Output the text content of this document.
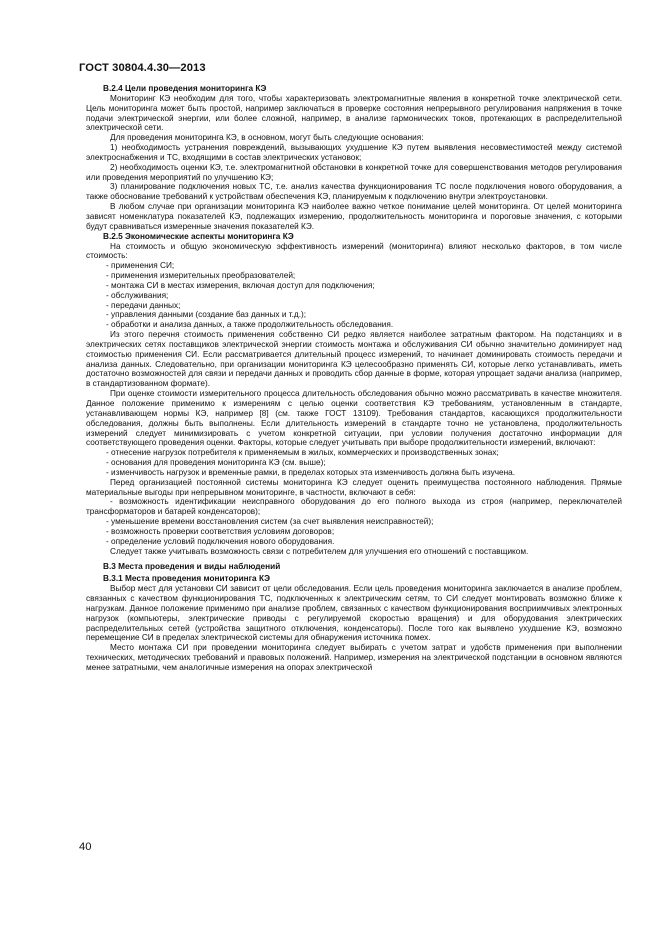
ГОСТ 30804.4.30—2013

В.2.4 Цели проведения мониторинга КЭ

Мониторинг КЭ необходим для того, чтобы характеризовать электромагнитные явления в конкретной точке электрической сети. Цель мониторинга может быть простой, например заключаться в проверке состояния непрерывного регулирования напряжения в точке подачи электрической энергии, или более сложной, например, в анализе гармонических токов, протекающих в распределительной электрической сети.

Для проведения мониторинга КЭ, в основном, могут быть следующие основания:

1) необходимость устранения повреждений, вызывающих ухудшение КЭ путем выявления несовместимостей между системой электроснабжения и ТС, входящими в состав электрических установок;

2) необходимость оценки КЭ, т.е. электромагнитной обстановки в конкретной точке для совершенствования методов регулирования или проведения мероприятий по улучшению КЭ;

3) планирование подключения новых ТС, т.е. анализ качества функционирования ТС после подключения нового оборудования, а также обоснование требований к устройствам обеспечения КЭ, планируемым к подключению внутри электроустановки.

В любом случае при организации мониторинга КЭ наиболее важно четкое понимание целей мониторинга. От целей мониторинга зависят номенклатура показателей КЭ, подлежащих измерению, продолжительность мониторинга и пороговые значения, с которыми будут сравниваться измеренные значения показателей КЭ.

В.2.5 Экономические аспекты мониторинга КЭ

На стоимость и общую экономическую эффективность измерений (мониторинга) влияют несколько факторов, в том числе стоимость:

- применения СИ;

- применения измерительных преобразователей;

- монтажа СИ в местах измерения, включая доступ для подключения;

- обслуживания;

- передачи данных;

- управления данными (создание баз данных и т.д.);

- обработки и анализа данных, а также продолжительность обследования.

Из этого перечня стоимость применения собственно СИ редко является наиболее затратным фактором. На подстанциях и в электрических сетях поставщиков электрической энергии стоимость монтажа и обслуживания СИ обычно значительно доминирует над стоимостью применения СИ. Если рассматривается длительный процесс измерений, то начинает доминировать стоимость передачи и анализа данных. Следовательно, при организации мониторинга КЭ целесообразно применять СИ, которые легко устанавливать, иметь достаточно возможностей для связи и передачи данных и проводить сбор данные в форме, которая упрощает задачи анализа (например, в стандартизованном формате).

При оценке стоимости измерительного процесса длительность обследования обычно можно рассматривать в качестве множителя. Данное положение применимо к измерениям с целью оценки соответствия КЭ требованиям, установленным в стандарте, устанавливающем нормы КЭ, например [8] (см. также ГОСТ 13109). Требования стандартов, касающихся продолжительности обследования, должны быть выполнены. Если длительность измерений в стандарте точно не установлена, продолжительность измерений следует минимизировать с учетом конкретной ситуации, при условии получения достаточно информации для соответствующего проведения оценки. Факторы, которые следует учитывать при выборе продолжительности измерений, включают:

- отнесение нагрузок потребителя к применяемым в жилых, коммерческих и производственных зонах;

- основания для проведения мониторинга КЭ (см. выше);

- изменчивость нагрузок и временные рамки, в пределах которых эта изменчивость должна быть изучена.

Перед организацией постоянной системы мониторинга КЭ следует оценить преимущества постоянного наблюдения. Прямые материальные выгоды при непрерывном мониторинге, в частности, включают в себя:

- возможность идентификации неисправного оборудования до его полного выхода из строя (например, переключателей трансформаторов и батарей конденсаторов);

- уменьшение времени восстановления систем (за счет выявления неисправностей);

- возможность проверки соответствия условиям договоров;

- определение условий подключения нового оборудования.

Следует также учитывать возможность связи с потребителем для улучшения его отношений с поставщиком.

В.3 Места проведения и виды наблюдений

В.3.1 Места проведения мониторинга КЭ

Выбор мест для установки СИ зависит от цели обследования. Если цель проведения мониторинга заключается в анализе проблем, связанных с качеством функционирования ТС, подключенных к электрическим сетям, то СИ следует монтировать возможно ближе к нагрузкам. Данное положение применимо при анализе проблем, связанных с качеством функционирования восприимчивых электронных нагрузок (компьютеры, электрические приводы с регулируемой скоростью вращения) и для оборудования электрических распределительных сетей (устройства защитного отключения, конденсаторы). После того как выявлено ухудшение КЭ, возможно перемещение СИ в пределах электрической системы для обнаружения источника помех.

Место монтажа СИ при проведении мониторинга следует выбирать с учетом затрат и удобств применения при выполнении технических, методических требований и правовых положений. Например, измерения на электрической подстанции в основном являются менее затратными, чем аналогичные измерения на опорах электрической

40
